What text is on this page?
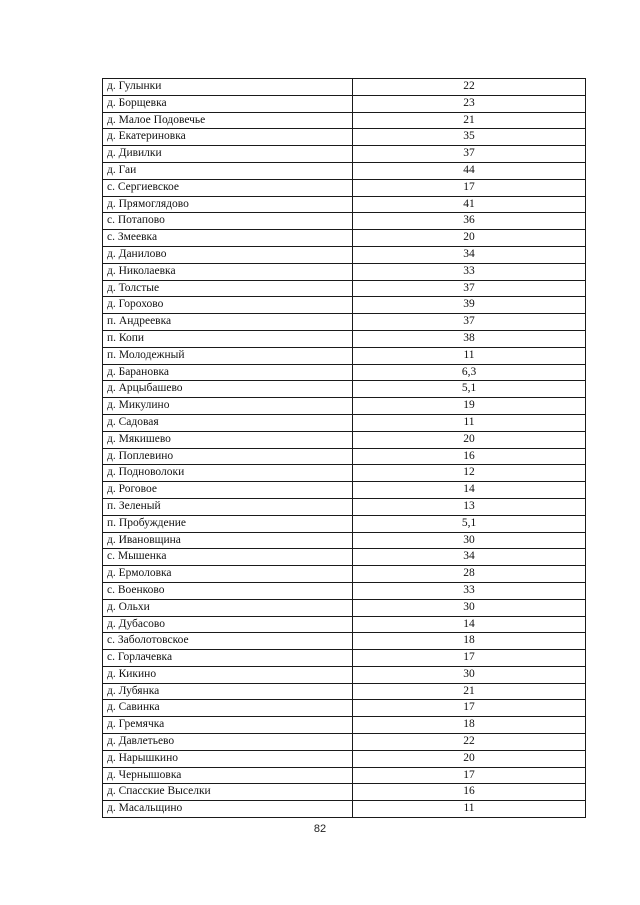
д. Гулынки	22
д. Борщевка	23
д. Малое Подовечье	21
д. Екатериновка	35
д. Дивилки	37
д. Гаи	44
с. Сергиевское	17
д. Прямоглядово	41
с. Потапово	36
с. Змеевка	20
д. Данилово	34
д. Николаевка	33
д. Толстые	37
д. Горохово	39
п. Андреевка	37
п. Копи	38
п. Молодежный	11
д. Барановка	6,3
д. Арцыбашево	5,1
д. Микулино	19
д. Садовая	11
д. Мякишево	20
д. Поплевино	16
д. Подноволоки	12
д. Роговое	14
п. Зеленый	13
п. Пробуждение	5,1
д. Ивановщина	30
с. Мышенка	34
д. Ермоловка	28
с. Военково	33
д. Ольхи	30
д. Дубасово	14
с. Заболотовское	18
с. Горлачевка	17
д. Кикино	30
д. Лубянка	21
д. Савинка	17
д. Гремячка	18
д. Давлетьево	22
д. Нарышкино	20
д. Чернышовка	17
д. Спасские Выселки	16
д. Масальщино	11
82
